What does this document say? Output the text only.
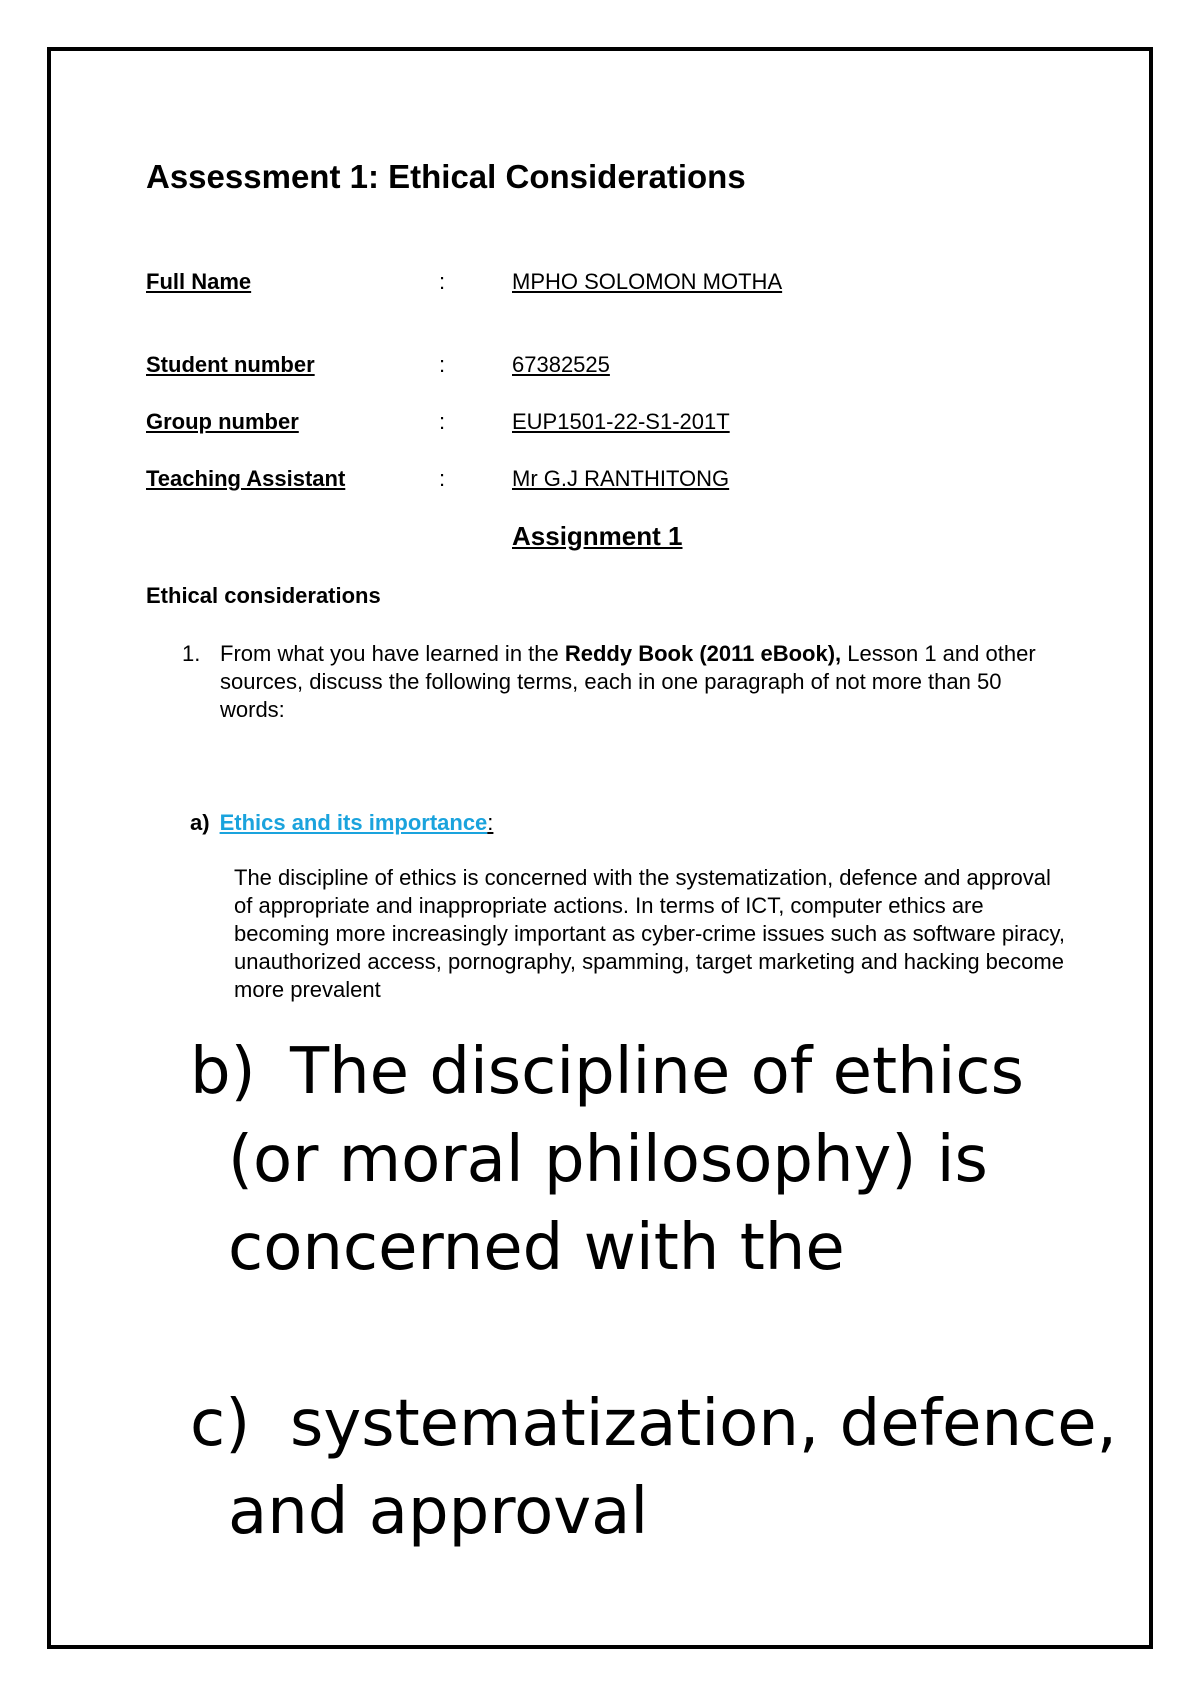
Assessment 1: Ethical Considerations
Full Name	:	MPHO SOLOMON MOTHA
Student number	:	67382525
Group number	:	EUP1501-22-S1-201T
Teaching Assistant	:	Mr G.J RANTHITONG
Assignment 1
Ethical considerations
1. From what you have learned in the Reddy Book (2011 eBook), Lesson 1 and other sources, discuss the following terms, each in one paragraph of not more than 50 words:
a) Ethics and its importance:

The discipline of ethics is concerned with the systematization, defence and approval of appropriate and inappropriate actions. In terms of ICT, computer ethics are becoming more increasingly important as cyber-crime issues such as software piracy, unauthorized access, pornography, spamming, target marketing and hacking become more prevalent

b) The discipline of ethics (or moral philosophy) is concerned with the
c) systematization, defence, and approval
